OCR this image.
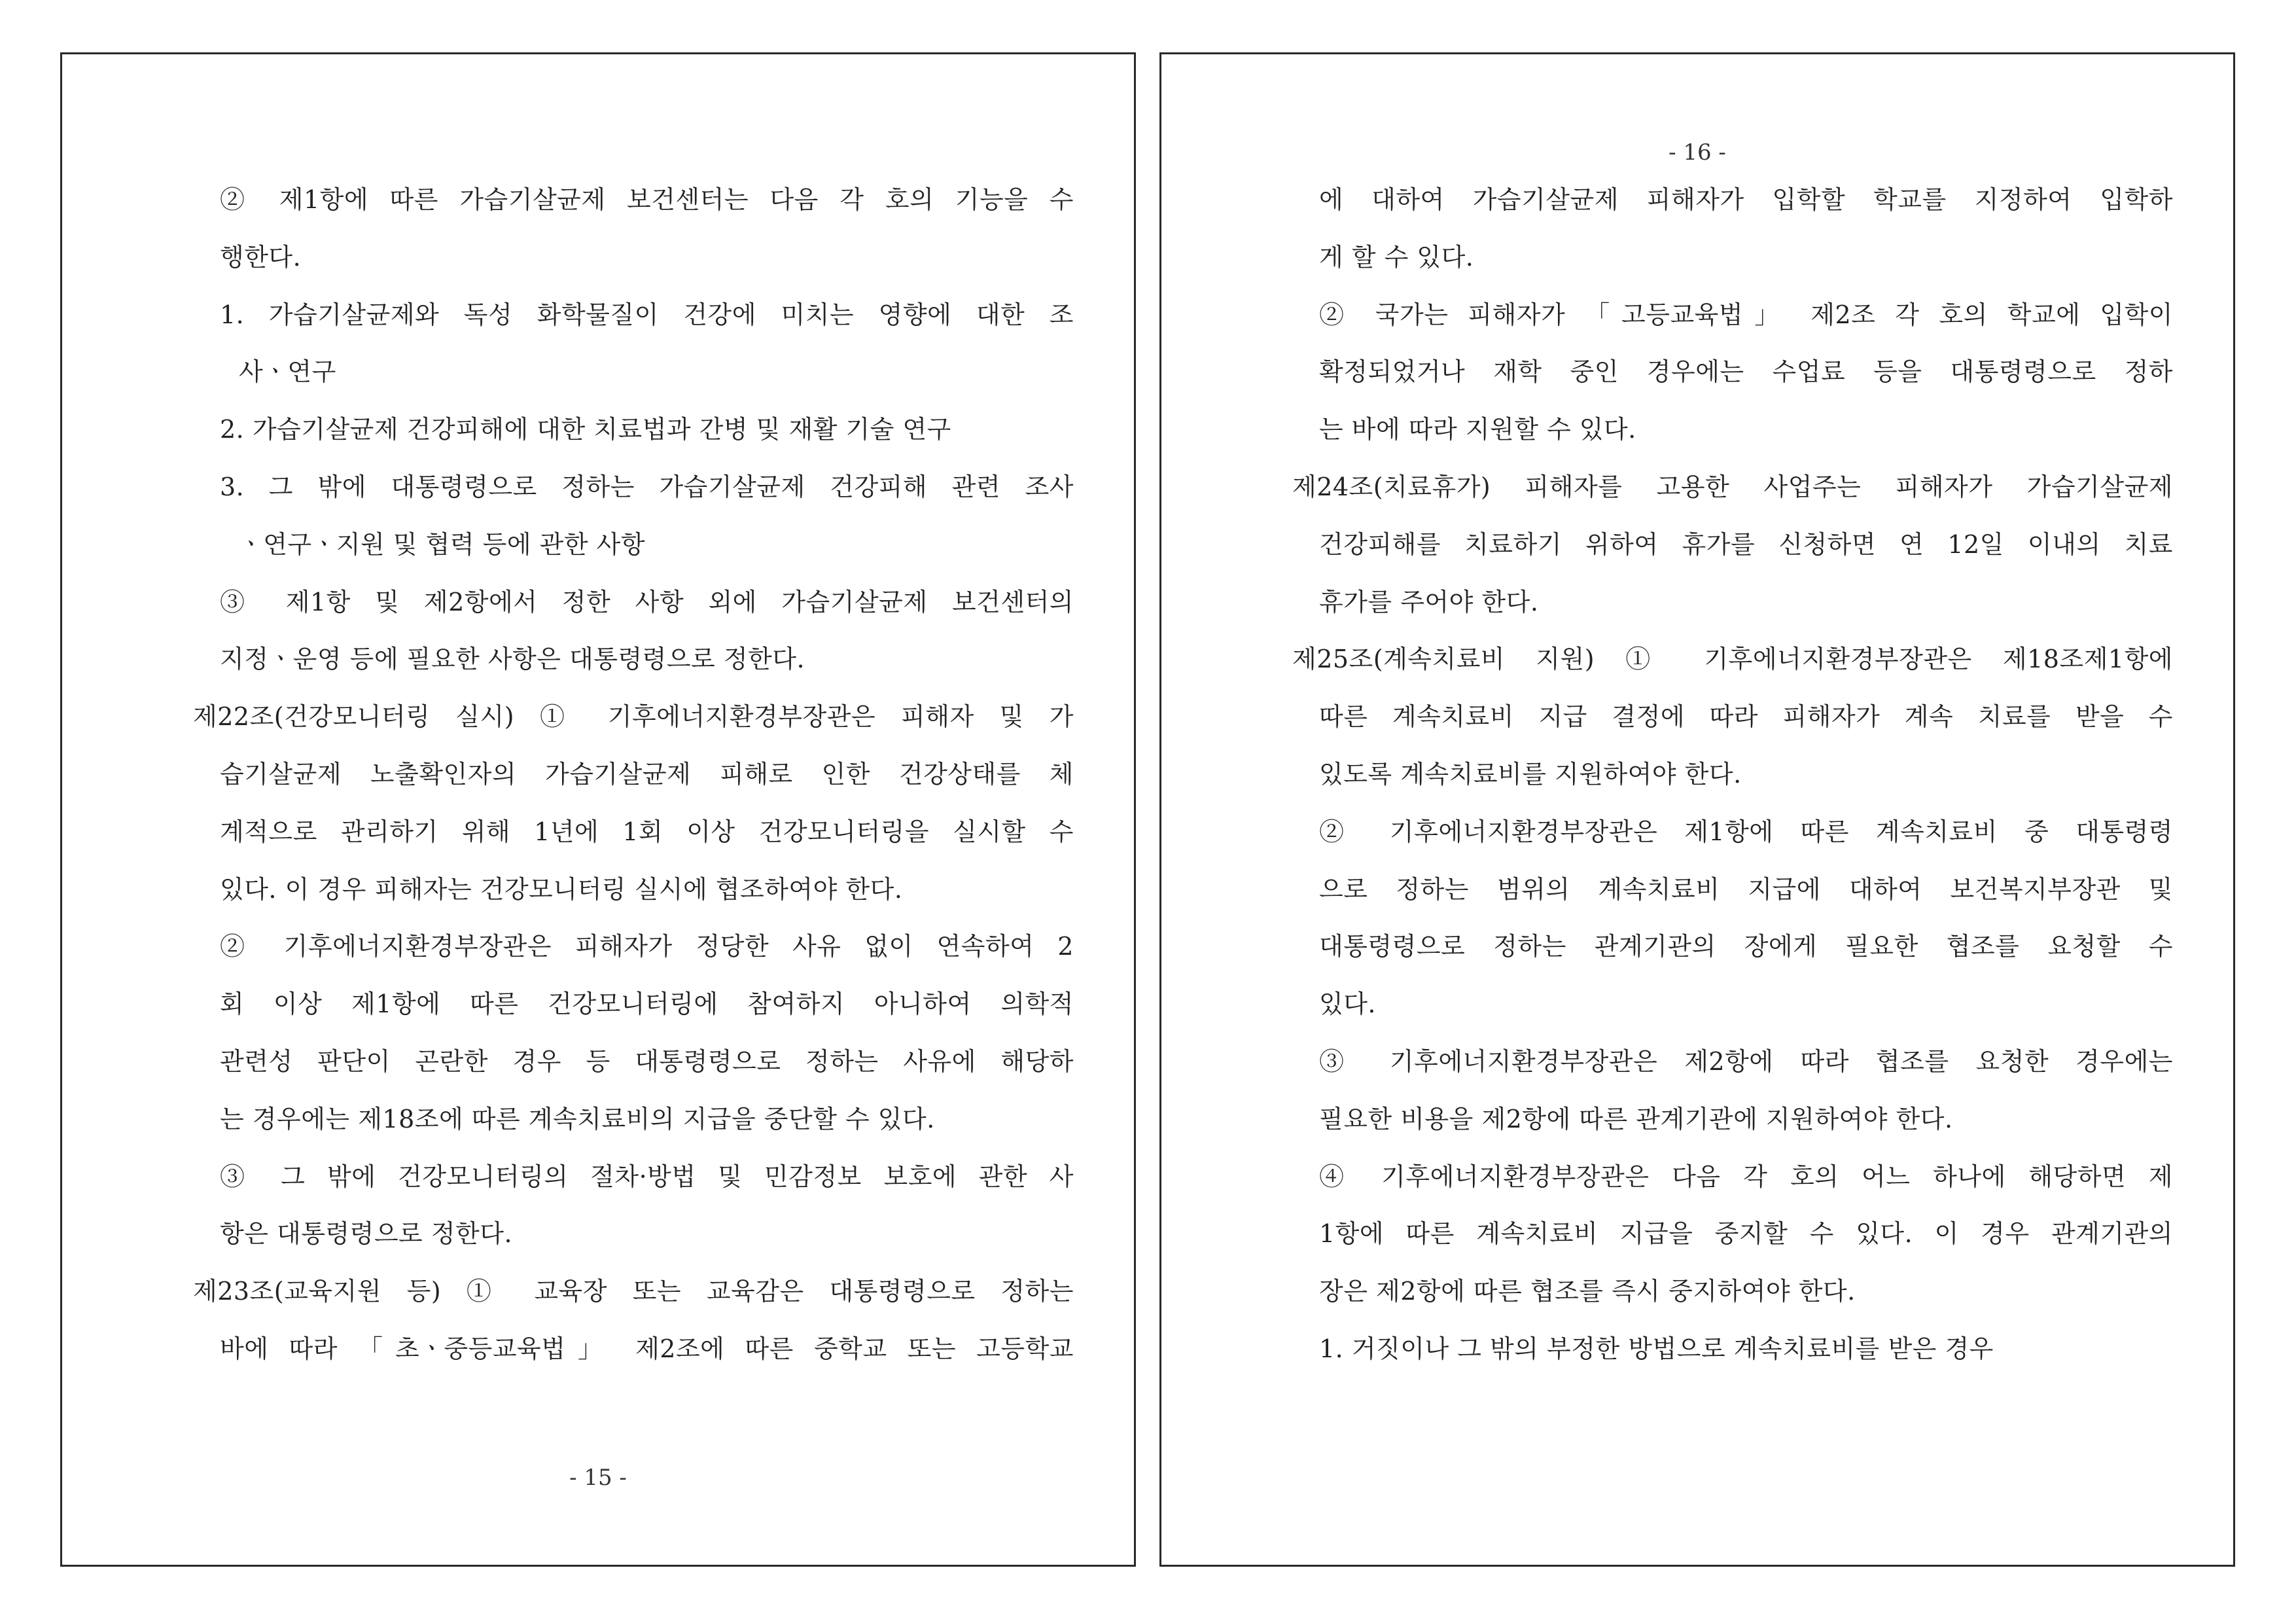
② 제1항에 따른 가습기살균제 보건센터는 다음 각 호의 기능을 수
행한다.
1. 가습기살균제와 독성 화학물질이 건강에 미치는 영향에 대한 조
사ㆍ연구
2. 가습기살균제 건강피해에 대한 치료법과 간병 및 재활 기술 연구
3. 그 밖에 대통령령으로 정하는 가습기살균제 건강피해 관련 조사
ㆍ연구ㆍ지원 및 협력 등에 관한 사항
③ 제1항 및 제2항에서 정한 사항 외에 가습기살균제 보건센터의
지정ㆍ운영 등에 필요한 사항은 대통령령으로 정한다.
제22조(건강모니터링 실시) ① 기후에너지환경부장관은 피해자 및 가
습기살균제 노출확인자의 가습기살균제 피해로 인한 건강상태를 체
계적으로 관리하기 위해 1년에 1회 이상 건강모니터링을 실시할 수
있다. 이 경우 피해자는 건강모니터링 실시에 협조하여야 한다.
② 기후에너지환경부장관은 피해자가 정당한 사유 없이 연속하여 2
회 이상 제1항에 따른 건강모니터링에 참여하지 아니하여 의학적
관련성 판단이 곤란한 경우 등 대통령령으로 정하는 사유에 해당하
는 경우에는 제18조에 따른 계속치료비의 지급을 중단할 수 있다.
③ 그 밖에 건강모니터링의 절차·방법 및 민감정보 보호에 관한 사
항은 대통령령으로 정한다.
제23조(교육지원 등) ① 교육장 또는 교육감은 대통령령으로 정하는
바에 따라 「초ㆍ중등교육법」 제2조에 따른 중학교 또는 고등학교
- 15 -
- 16 -
에 대하여 가습기살균제 피해자가 입학할 학교를 지정하여 입학하
게 할 수 있다.
② 국가는 피해자가 「고등교육법」 제2조 각 호의 학교에 입학이
확정되었거나 재학 중인 경우에는 수업료 등을 대통령령으로 정하
는 바에 따라 지원할 수 있다.
제24조(치료휴가) 피해자를 고용한 사업주는 피해자가 가습기살균제
건강피해를 치료하기 위하여 휴가를 신청하면 연 12일 이내의 치료
휴가를 주어야 한다.
제25조(계속치료비 지원) ① 기후에너지환경부장관은 제18조제1항에
따른 계속치료비 지급 결정에 따라 피해자가 계속 치료를 받을 수
있도록 계속치료비를 지원하여야 한다.
② 기후에너지환경부장관은 제1항에 따른 계속치료비 중 대통령령
으로 정하는 범위의 계속치료비 지급에 대하여 보건복지부장관 및
대통령령으로 정하는 관계기관의 장에게 필요한 협조를 요청할 수
있다.
③ 기후에너지환경부장관은 제2항에 따라 협조를 요청한 경우에는
필요한 비용을 제2항에 따른 관계기관에 지원하여야 한다.
④ 기후에너지환경부장관은 다음 각 호의 어느 하나에 해당하면 제
1항에 따른 계속치료비 지급을 중지할 수 있다. 이 경우 관계기관의
장은 제2항에 따른 협조를 즉시 중지하여야 한다.
1. 거짓이나 그 밖의 부정한 방법으로 계속치료비를 받은 경우
